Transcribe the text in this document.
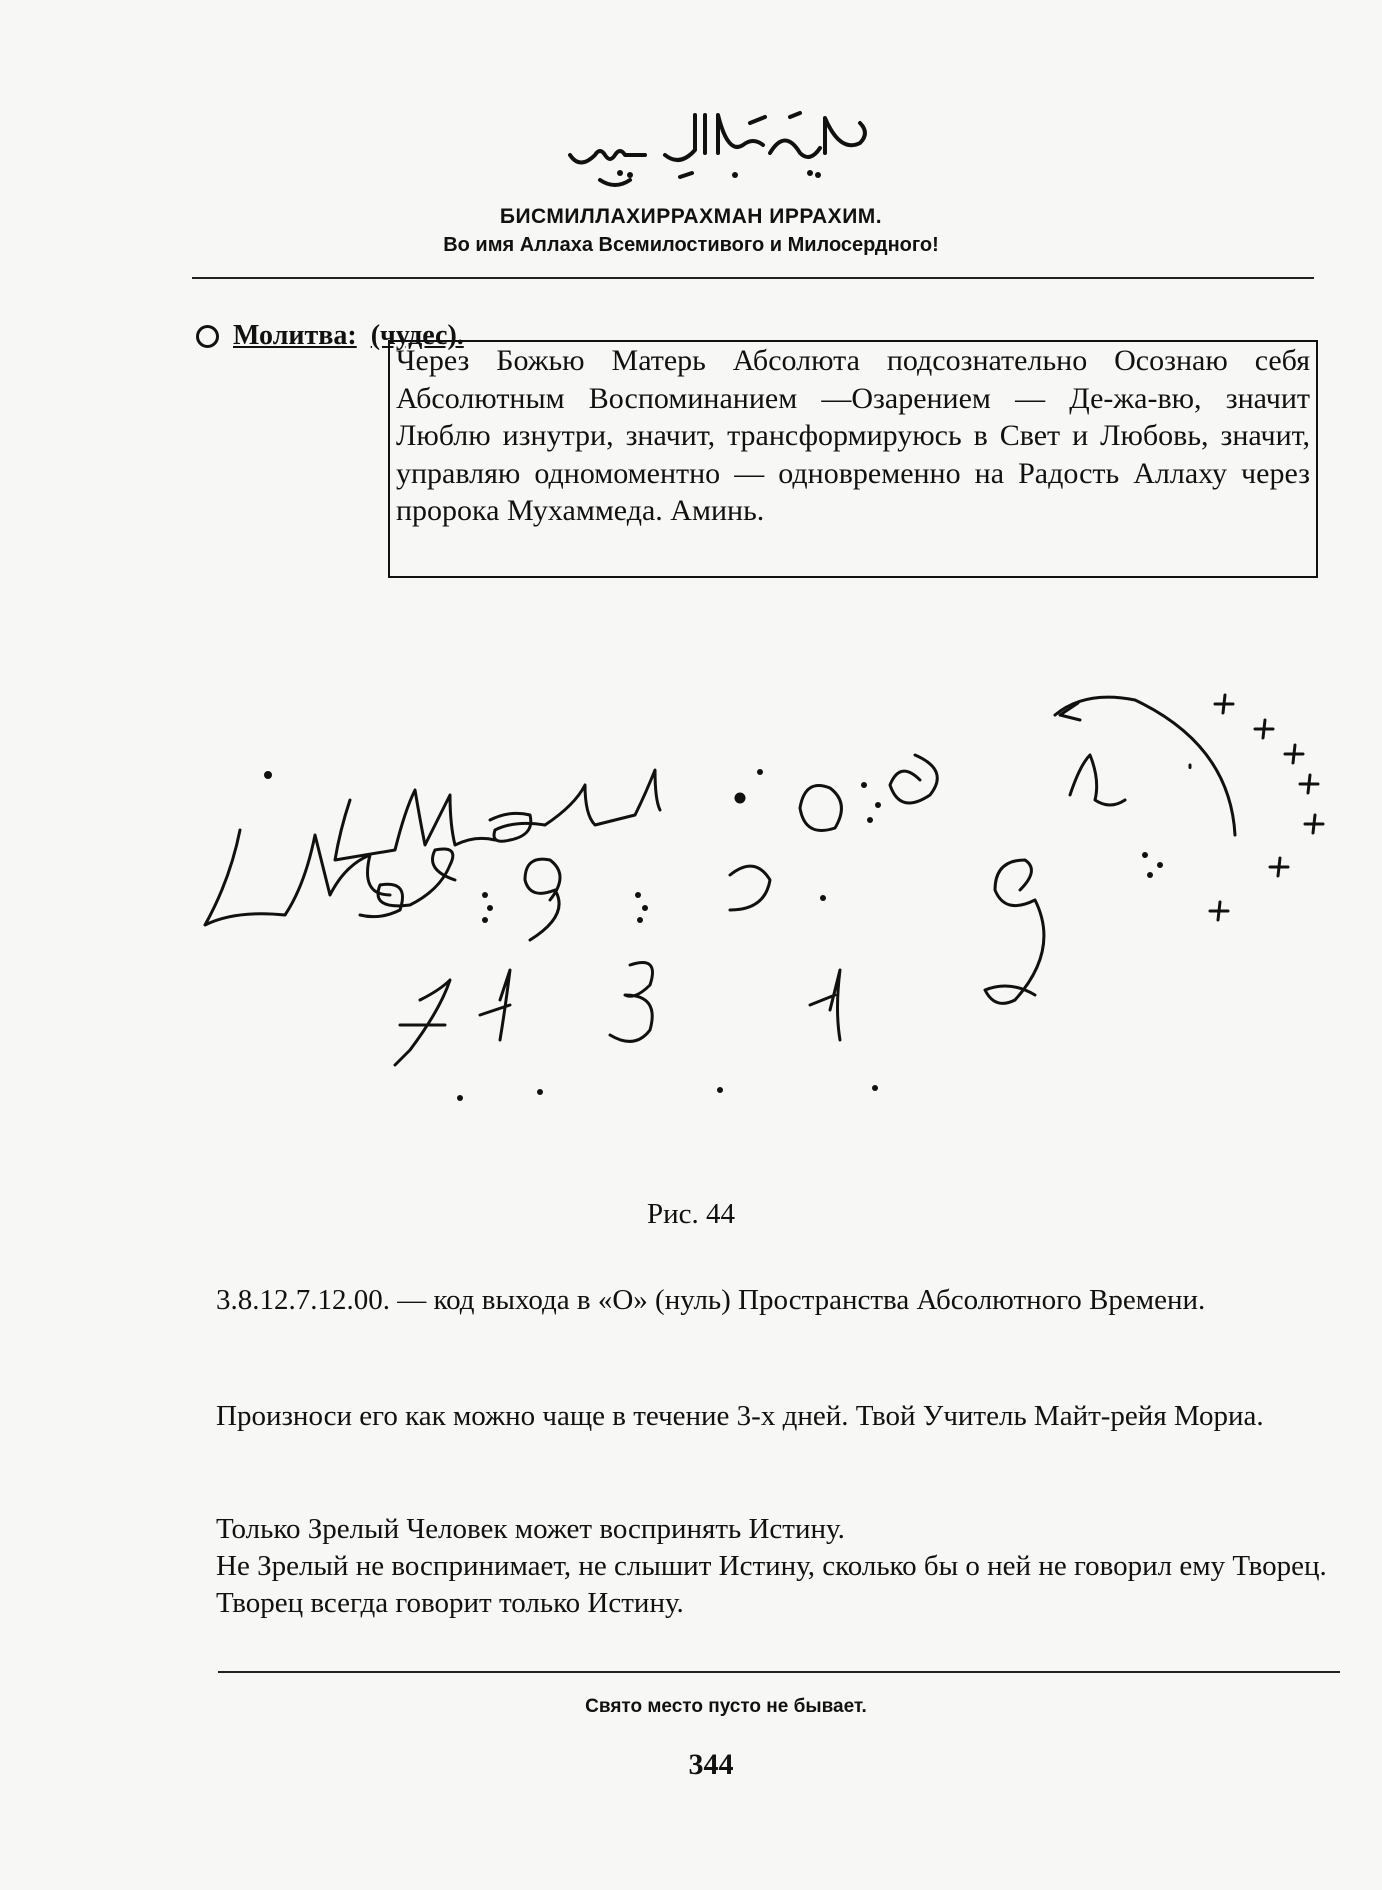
БИСМИЛЛАХИРРАХМАН ИРРАХИМ.
Во имя Аллаха Всемилостивого и Милосердного!
Молитва: (чудес).
Через Божью Матерь Абсолюта подсознательно Осознаю себя Абсолютным Воспоминанием —Озарением — Де-жа-вю, значит Люблю изнутри, значит, трансформируюсь в Свет и Любовь, значит, управляю одномоментно — одновременно на Радость Аллаху через пророка Мухаммеда. Аминь.
Рис. 44
3.8.12.7.12.00. — код выхода в «О» (нуль) Пространства Абсолютного Времени.
Произноси его как можно чаще в течение 3-х дней. Твой Учитель Майт-рейя Мориа.
Только Зрелый Человек может воспринять Истину.
Не Зрелый не воспринимает, не слышит Истину, сколько бы о ней не говорил ему Творец.
Творец всегда говорит только Истину.
Свято место пусто не бывает.
344
